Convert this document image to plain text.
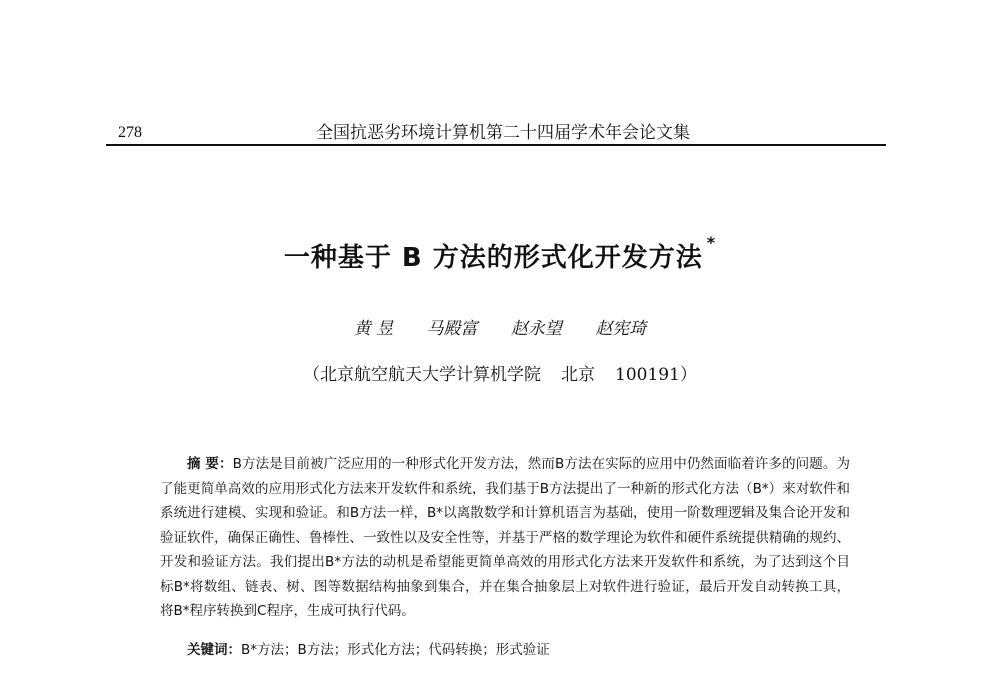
278	全国抗恶劣环境计算机第二十四届学术年会论文集
一种基于 B 方法的形式化开发方法*
黄 昱 马殿富 赵永望 赵宪琦
（北京航空航天大学计算机学院 北京 100191）

摘 要：B方法是目前被广泛应用的一种形式化开发方法，然而B方法在实际的应用中仍然面临着许多的问题。为了能更简单高效的应用形式化方法来开发软件和系统，我们基于B方法提出了一种新的形式化方法（B*）来对软件和系统进行建模、实现和验证。和B方法一样，B*以离散数学和计算机语言为基础，使用一阶数理逻辑及集合论开发和验证软件，确保正确性、鲁棒性、一致性以及安全性等，并基于严格的数学理论为软件和硬件系统提供精确的规约、开发和验证方法。我们提出B*方法的动机是希望能更简单高效的用形式化方法来开发软件和系统，为了达到这个目标B*将数组、链表、树、图等数据结构抽象到集合，并在集合抽象层上对软件进行验证，最后开发自动转换工具，将B*程序转换到C程序，生成可执行代码。

关键词：B*方法；B方法；形式化方法；代码转换；形式验证
